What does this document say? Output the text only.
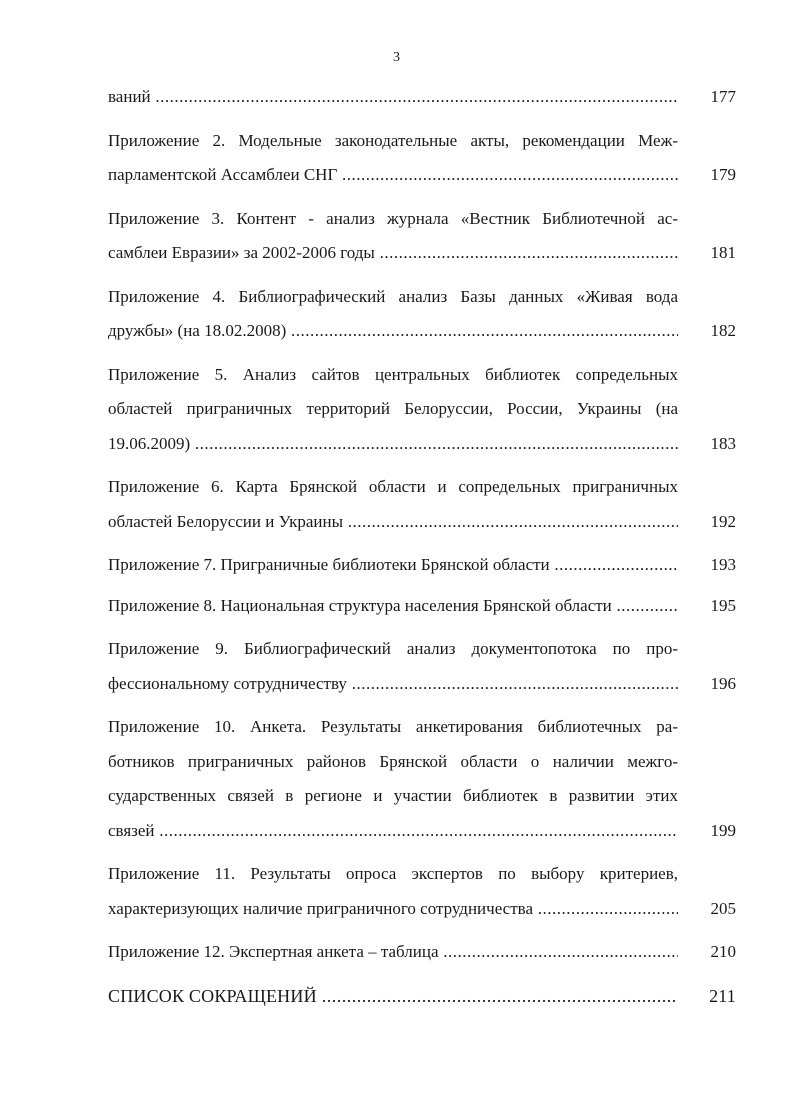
3
ваний .....	177
Приложение 2. Модельные законодательные акты, рекомендации Меж-
парламентской Ассамблеи СНГ .....	179
Приложение 3. Контент - анализ журнала «Вестник Библиотечной ас-
самблеи Евразии» за 2002-2006 годы .....	181
Приложение 4. Библиографический анализ Базы данных «Живая вода
дружбы» (на 18.02.2008) .....	182
Приложение 5. Анализ сайтов центральных библиотек сопредельных
областей приграничных территорий Белоруссии, России, Украины (на
19.06.2009) .....	183
Приложение 6. Карта Брянской области и сопредельных приграничных
областей Белоруссии и Украины .....	192
Приложение 7. Приграничные библиотеки Брянской области .....	193
Приложение 8. Национальная структура населения Брянской области .....	195
Приложение 9. Библиографический анализ документопотока по про-
фессиональному сотрудничеству .....	196
Приложение 10. Анкета. Результаты анкетирования библиотечных ра-
ботников приграничных районов Брянской области о наличии межго-
сударственных связей в регионе и участии библиотек в развитии этих
связей .....	199
Приложение 11. Результаты опроса экспертов по выбору критериев,
характеризующих наличие приграничного сотрудничества .....	205
Приложение 12. Экспертная анкета – таблица .....	210
СПИСОК СОКРАЩЕНИЙ .....	211
